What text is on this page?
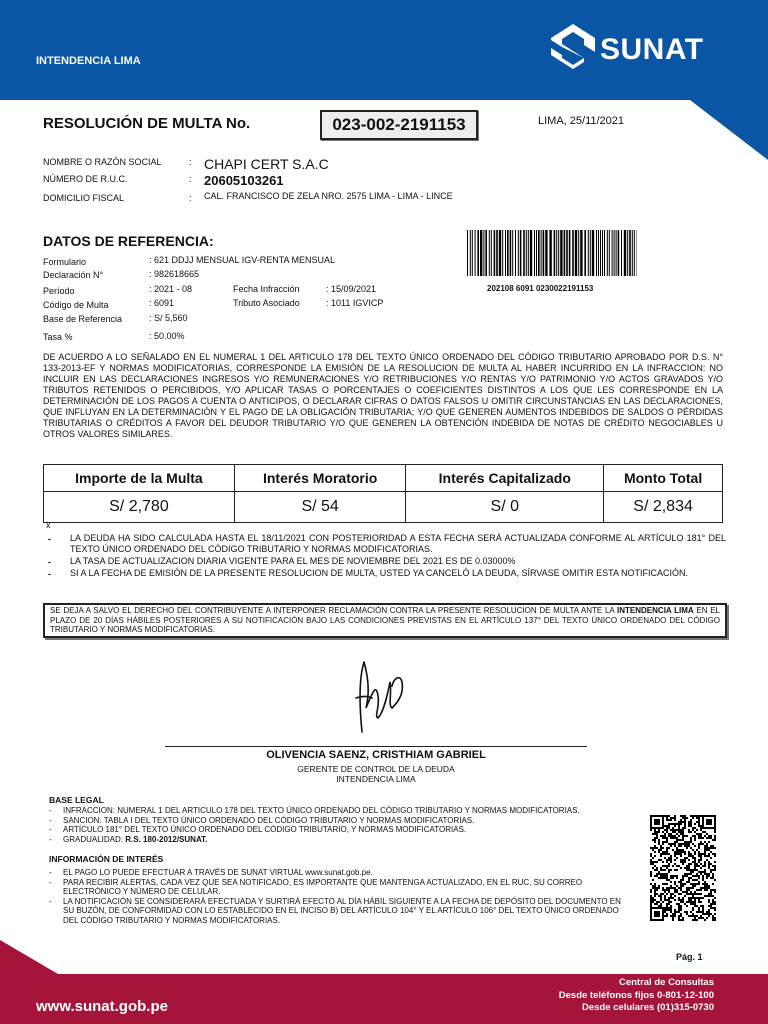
INTENDENCIA LIMA	SUNAT
RESOLUCIÓN DE MULTA No.	023-002-2191153	LIMA, 25/11/2021
NOMBRE O RAZÓN SOCIAL	: CHAPI CERT S.A.C
NÚMERO DE R.U.C.	: 20605103261
DOMICILIO FISCAL	: CAL. FRANCISCO DE ZELA NRO. 2575 LIMA - LIMA - LINCE
DATOS DE REFERENCIA:
Formulario	: 621 DDJJ MENSUAL IGV-RENTA MENSUAL
Declaración N°	: 982618665
Período	: 2021 - 08	Fecha Infracción	: 15/09/2021
Código de Multa	: 6091	Tributo Asociado	: 1011 IGVICP
Base de Referencia	: S/ 5,560
Tasa %	: 50.00%
202108 6091 0230022191153
DE ACUERDO A LO SEÑALADO EN EL NUMERAL 1 DEL ARTICULO 178 DEL TEXTO ÚNICO ORDENADO DEL CÓDIGO TRIBUTARIO APROBADO POR D.S. N° 133-2013-EF Y NORMAS MODIFICATORIAS, CORRESPONDE LA EMISIÓN DE LA RESOLUCION DE MULTA AL HABER INCURRIDO EN LA INFRACCION: NO INCLUIR EN LAS DECLARACIONES INGRESOS Y/O REMUNERACIONES Y/O RETRIBUCIONES Y/O RENTAS Y/O PATRIMONIO Y/O ACTOS GRAVADOS Y/O TRIBUTOS RETENIDOS O PERCIBIDOS, Y/O APLICAR TASAS O PORCENTAJES O COEFICIENTES DISTINTOS A LOS QUE LES CORRESPONDE EN LA DETERMINACIÓN DE LOS PAGOS A CUENTA O ANTICIPOS, O DECLARAR CIFRAS O DATOS FALSOS U OMITIR CIRCUNSTANCIAS EN LAS DECLARACIONES, QUE INFLUYAN EN LA DETERMINACIÓN Y EL PAGO DE LA OBLIGACIÓN TRIBUTARIA; Y/O QUE GENEREN AUMENTOS INDEBIDOS DE SALDOS O PÉRDIDAS TRIBUTARIAS O CRÉDITOS A FAVOR DEL DEUDOR TRIBUTARIO Y/O QUE GENEREN LA OBTENCIÓN INDEBIDA DE NOTAS DE CRÉDITO NEGOCIABLES U OTROS VALORES SIMILARES.
Importe de la Multa	Interés Moratorio	Interés Capitalizado	Monto Total
S/ 2,780	S/ 54	S/ 0	S/ 2,834
x
- LA DEUDA HA SIDO CALCULADA HASTA EL 18/11/2021 CON POSTERIORIDAD A ESTA FECHA SERÁ ACTUALIZADA CONFORME AL ARTÍCULO 181° DEL TEXTO ÚNICO ORDENADO DEL CÓDIGO TRIBUTARIO Y NORMAS MODIFICATORIAS.
- LA TASA DE ACTUALIZACION DIARIA VIGENTE PARA EL MES DE NOVIEMBRE DEL 2021 ES DE 0.03000%
- SI A LA FECHA DE EMISIÓN DE LA PRESENTE RESOLUCION DE MULTA, USTED YA CANCELÓ LA DEUDA, SÍRVASE OMITIR ESTA NOTIFICACIÓN.
SE DEJA A SALVO EL DERECHO DEL CONTRIBUYENTE A INTERPONER RECLAMACIÓN CONTRA LA PRESENTE RESOLUCION DE MULTA ANTE LA INTENDENCIA LIMA EN EL PLAZO DE 20 DÍAS HÁBILES POSTERIORES A SU NOTIFICACIÓN BAJO LAS CONDICIONES PREVISTAS EN EL ARTÍCULO 137° DEL TEXTO ÚNICO ORDENADO DEL CÓDIGO TRIBUTARIO Y NORMAS MODIFICATORIAS.
OLIVENCIA SAENZ, CRISTHIAM GABRIEL
GERENTE DE CONTROL DE LA DEUDA
INTENDENCIA LIMA
BASE LEGAL
- INFRACCION: NUMERAL 1 DEL ARTICULO 178 DEL TEXTO ÚNICO ORDENADO DEL CÓDIGO TRIBUTARIO Y NORMAS MODIFICATORIAS.
- SANCION: TABLA I DEL TEXTO ÚNICO ORDENADO DEL CÓDIGO TRIBUTARIO Y NORMAS MODIFICATORIAS.
- ARTÍCULO 181° DEL TEXTO ÚNICO ORDENADO DEL CÓDIGO TRIBUTARIO, Y NORMAS MODIFICATORIAS.
- GRADUALIDAD: R.S. 180-2012/SUNAT.
INFORMACIÓN DE INTERÉS
- EL PAGO LO PUEDE EFECTUAR A TRAVÉS DE SUNAT VIRTUAL www.sunat.gob.pe.
- PARA RECIBIR ALERTAS, CADA VEZ QUE SEA NOTIFICADO, ES IMPORTANTE QUE MANTENGA ACTUALIZADO, EN EL RUC, SU CORREO ELECTRÓNICO Y NÚMERO DE CELULAR.
- LA NOTIFICACIÓN SE CONSIDERARÁ EFECTUADA Y SURTIRÁ EFECTO AL DÍA HÁBIL SIGUIENTE A LA FECHA DE DEPÓSITO DEL DOCUMENTO EN SU BUZÓN, DE CONFORMIDAD CON LO ESTABLECIDO EN EL INCISO B) DEL ARTÍCULO 104° Y EL ARTÍCULO 106° DEL TEXTO ÚNICO ORDENADO DEL CÓDIGO TRIBUTARIO Y NORMAS MODIFICATORIAS.
Pág. 1
www.sunat.gob.pe
Central de Consultas
Desde teléfonos fijos 0-801-12-100
Desde celulares (01)315-0730
